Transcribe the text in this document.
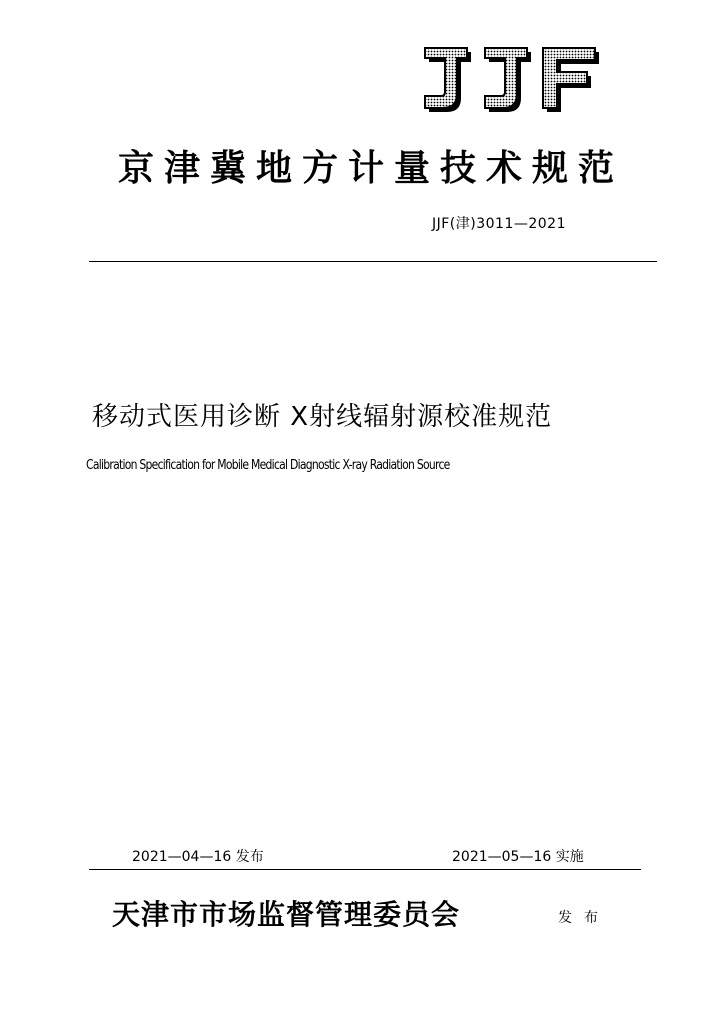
京津冀地方计量技术规范
JJF(津)3011—2021
移动式医用诊断 X射线辐射源校准规范
Calibration Specification for Mobile Medical Diagnostic X-ray Radiation Source
2021—04—16 发布	2021—05—16 实施
天津市市场监督管理委员会	发布
